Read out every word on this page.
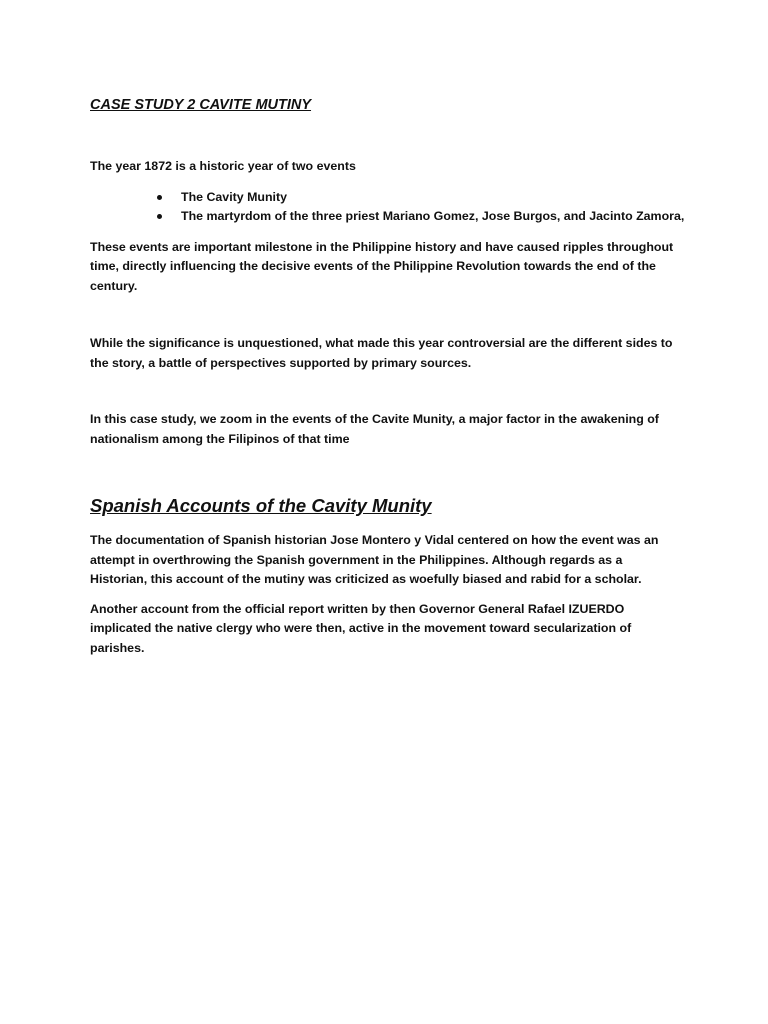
CASE STUDY 2 CAVITE MUTINY

The year 1872 is a historic year of two events

The Cavity Munity
The martyrdom of the three priest Mariano Gomez, Jose Burgos, and Jacinto Zamora,

These events are important milestone in the Philippine history and have caused ripples throughout time, directly influencing the decisive events of the Philippine Revolution towards the end of the century.

While the significance is unquestioned, what made this year controversial are the different sides to the story, a battle of perspectives supported by primary sources.

In this case study, we zoom in the events of the Cavite Munity, a major factor in the awakening of nationalism among the Filipinos of that time

Spanish Accounts of the Cavity Munity

The documentation of Spanish historian Jose Montero y Vidal centered on how the event was an attempt in overthrowing the Spanish government in the Philippines. Although regards as a Historian, this account of the mutiny was criticized as woefully biased and rabid for a scholar.

Another account from the official report written by then Governor General Rafael IZUERDO implicated the native clergy who were then, active in the movement toward secularization of parishes.
